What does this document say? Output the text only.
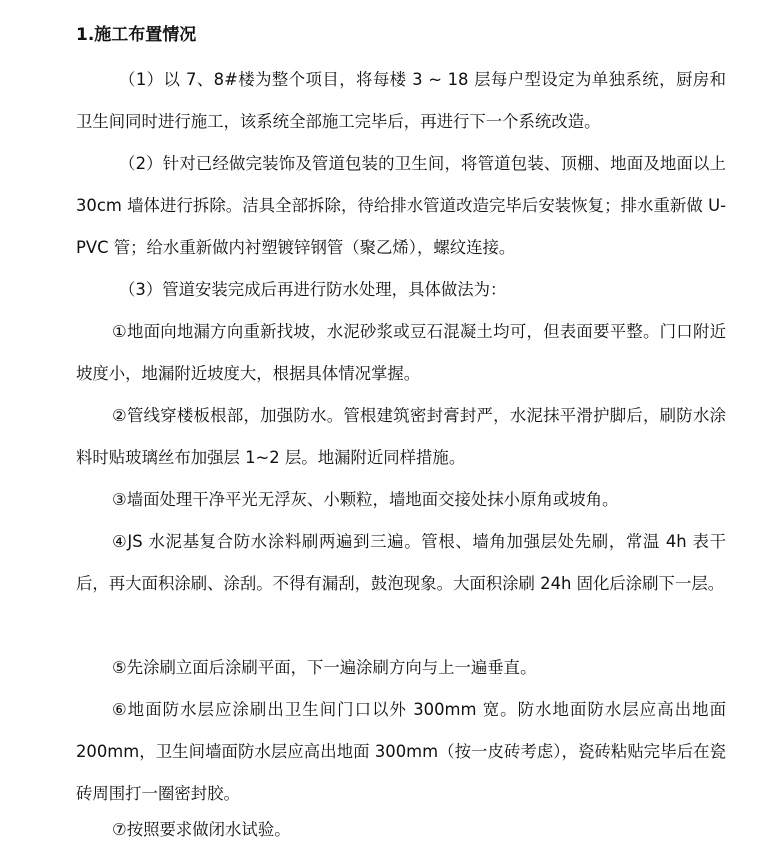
1.施工布置情况

（1）以 7、8#楼为整个项目，将每楼 3 ~ 18 层每户型设定为单独系统，厨房和卫生间同时进行施工，该系统全部施工完毕后，再进行下一个系统改造。

（2）针对已经做完装饰及管道包装的卫生间，将管道包装、顶棚、地面及地面以上 30cm 墙体进行拆除。洁具全部拆除，待给排水管道改造完毕后安装恢复；排水重新做 U-PVC 管；给水重新做内衬塑镀锌钢管（聚乙烯），螺纹连接。

（3）管道安装完成后再进行防水处理，具体做法为：

①地面向地漏方向重新找坡，水泥砂浆或豆石混凝土均可，但表面要平整。门口附近坡度小，地漏附近坡度大，根据具体情况掌握。

②管线穿楼板根部，加强防水。管根建筑密封膏封严，水泥抹平滑护脚后，刷防水涂料时贴玻璃丝布加强层 1~2 层。地漏附近同样措施。

③墙面处理干净平光无浮灰、小颗粒，墙地面交接处抹小原角或坡角。

④JS 水泥基复合防水涂料刷两遍到三遍。管根、墙角加强层处先刷，常温 4h 表干后，再大面积涂刷、涂刮。不得有漏刮，鼓泡现象。大面积涂刷 24h 固化后涂刷下一层。

⑤先涂刷立面后涂刷平面，下一遍涂刷方向与上一遍垂直。

⑥地面防水层应涂刷出卫生间门口以外 300mm 宽。防水地面防水层应高出地面 200mm，卫生间墙面防水层应高出地面 300mm（按一皮砖考虑），瓷砖粘贴完毕后在瓷砖周围打一圈密封胶。

⑦按照要求做闭水试验。
